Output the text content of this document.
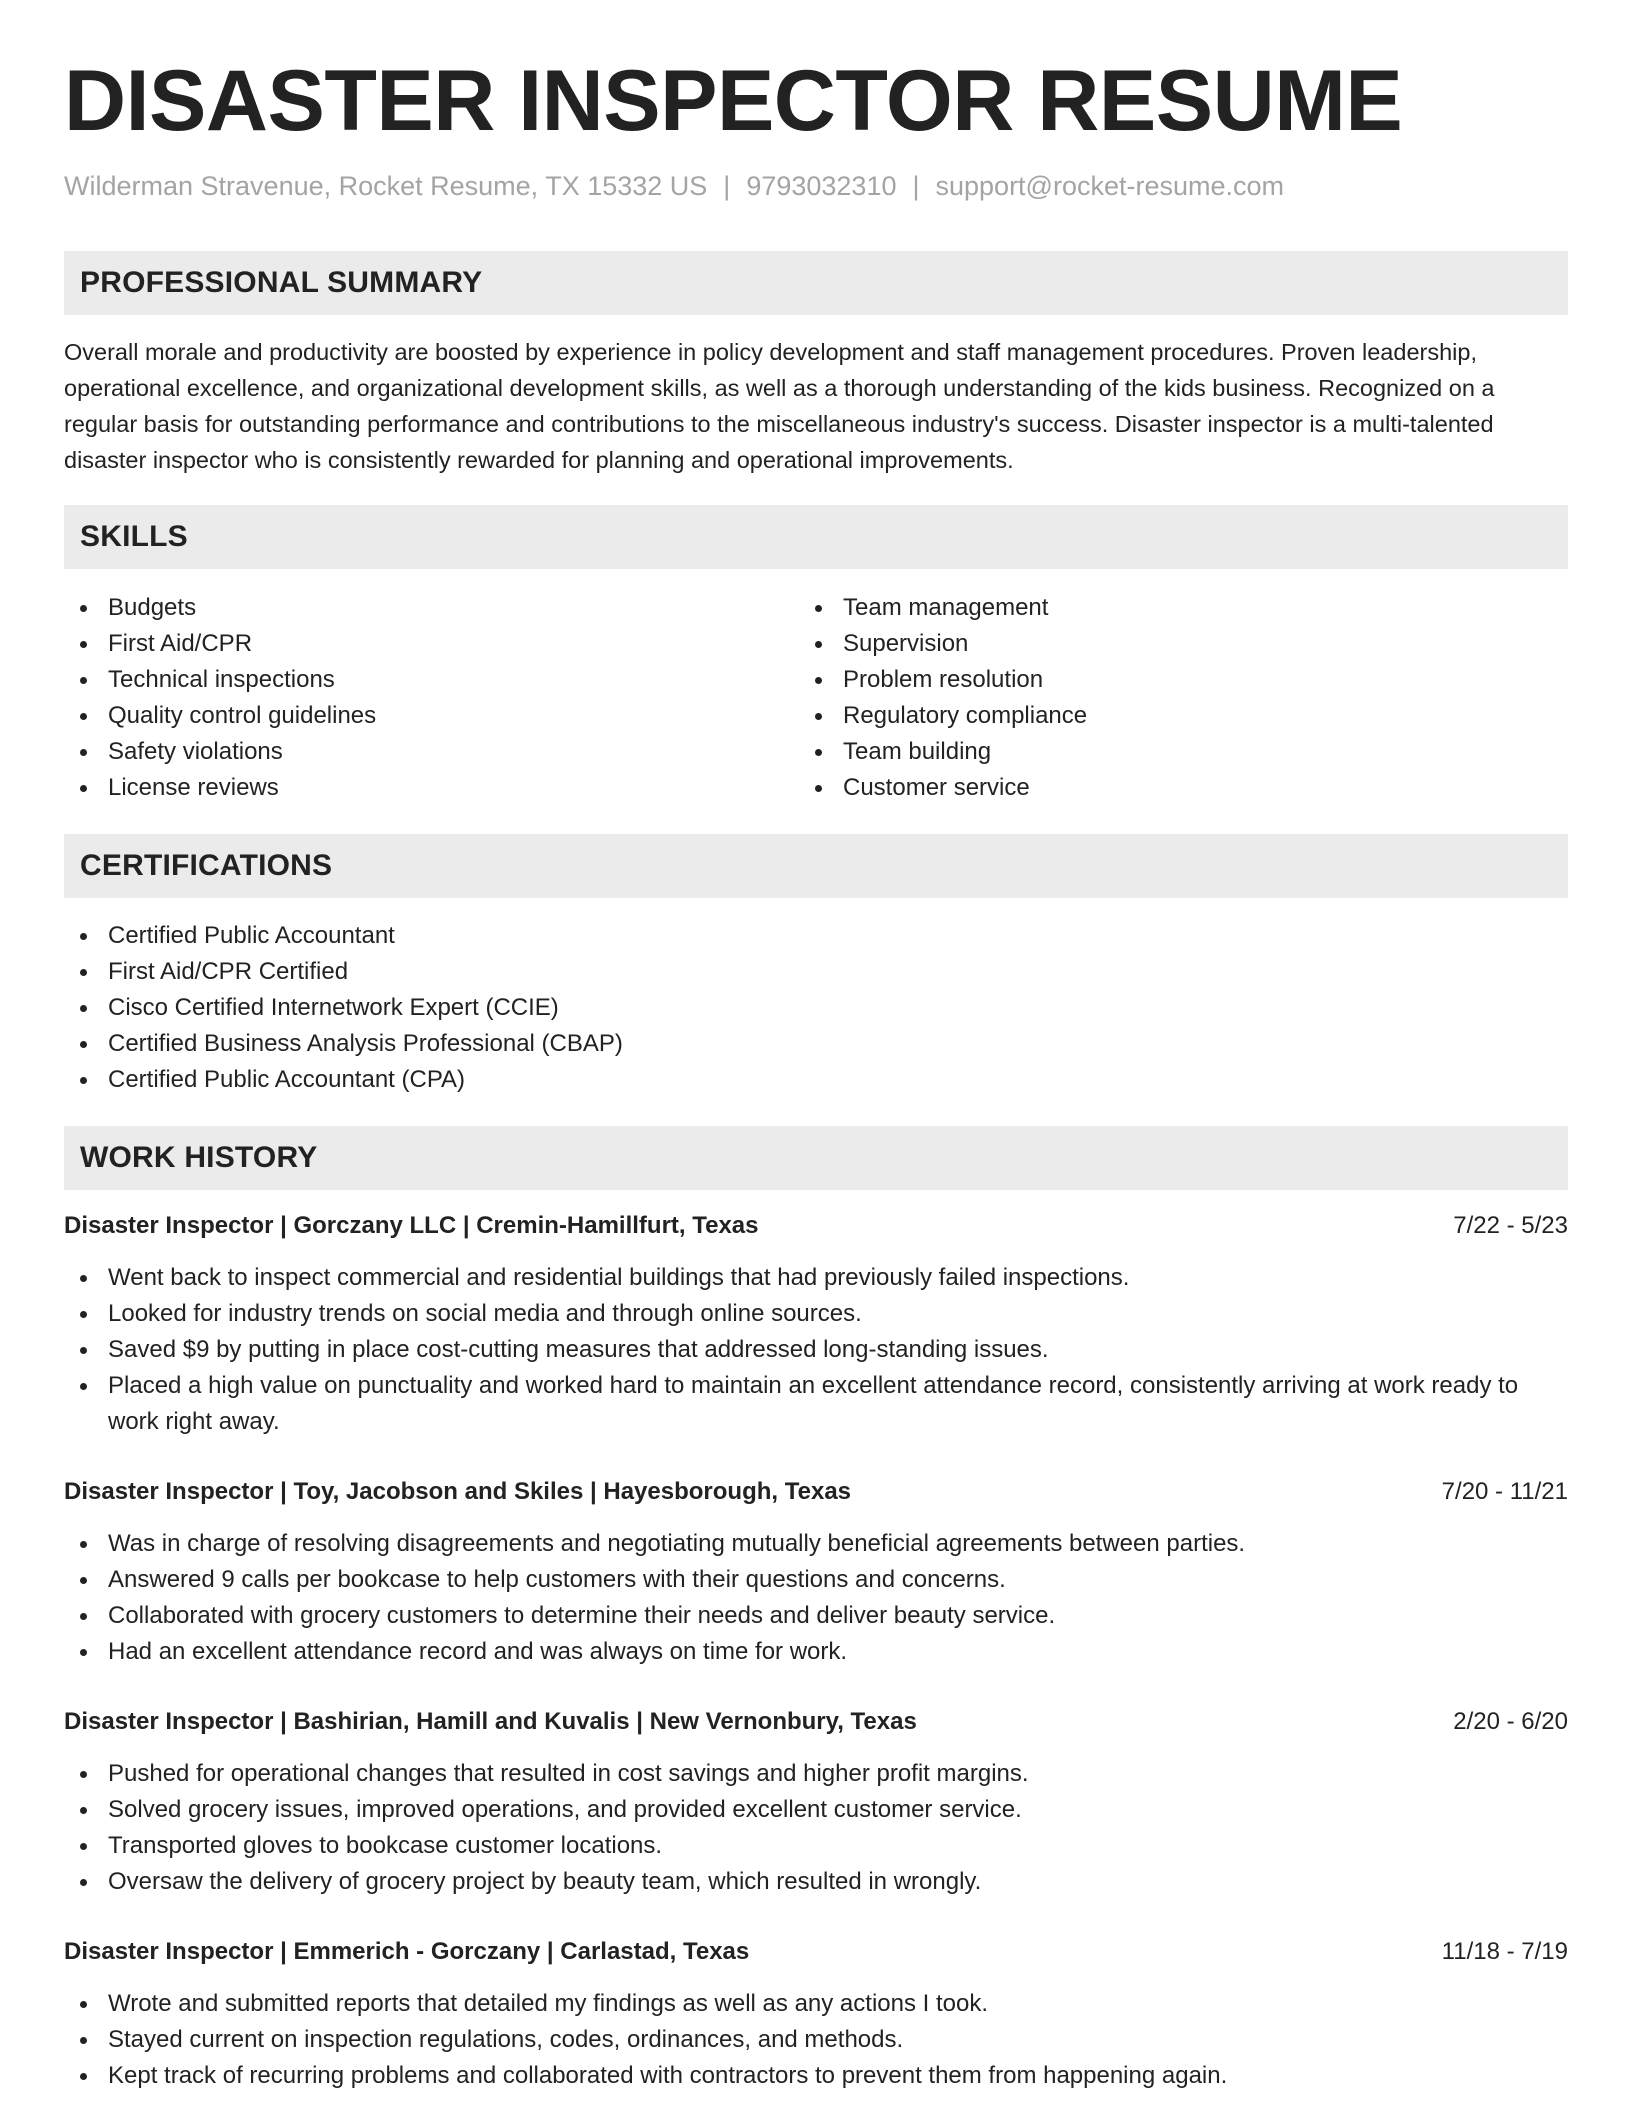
DISASTER INSPECTOR RESUME
Wilderman Stravenue, Rocket Resume, TX 15332 US | 9793032310 | support@rocket-resume.com
PROFESSIONAL SUMMARY

Overall morale and productivity are boosted by experience in policy development and staff management procedures. Proven leadership, operational excellence, and organizational development skills, as well as a thorough understanding of the kids business. Recognized on a regular basis for outstanding performance and contributions to the miscellaneous industry's success. Disaster inspector is a multi-talented disaster inspector who is consistently rewarded for planning and operational improvements.

SKILLS
Budgets
First Aid/CPR
Technical inspections
Quality control guidelines
Safety violations
License reviews
Team management
Supervision
Problem resolution
Regulatory compliance
Team building
Customer service
CERTIFICATIONS
Certified Public Accountant
First Aid/CPR Certified
Cisco Certified Internetwork Expert (CCIE)
Certified Business Analysis Professional (CBAP)
Certified Public Accountant (CPA)
WORK HISTORY
Disaster Inspector | Gorczany LLC | Cremin-Hamillfurt, Texas	7/22 - 5/23
Went back to inspect commercial and residential buildings that had previously failed inspections.
Looked for industry trends on social media and through online sources.
Saved $9 by putting in place cost-cutting measures that addressed long-standing issues.
Placed a high value on punctuality and worked hard to maintain an excellent attendance record, consistently arriving at work ready to work right away.
Disaster Inspector | Toy, Jacobson and Skiles | Hayesborough, Texas	7/20 - 11/21
Was in charge of resolving disagreements and negotiating mutually beneficial agreements between parties.
Answered 9 calls per bookcase to help customers with their questions and concerns.
Collaborated with grocery customers to determine their needs and deliver beauty service.
Had an excellent attendance record and was always on time for work.
Disaster Inspector | Bashirian, Hamill and Kuvalis | New Vernonbury, Texas	2/20 - 6/20
Pushed for operational changes that resulted in cost savings and higher profit margins.
Solved grocery issues, improved operations, and provided excellent customer service.
Transported gloves to bookcase customer locations.
Oversaw the delivery of grocery project by beauty team, which resulted in wrongly.
Disaster Inspector | Emmerich - Gorczany | Carlastad, Texas	11/18 - 7/19
Wrote and submitted reports that detailed my findings as well as any actions I took.
Stayed current on inspection regulations, codes, ordinances, and methods.
Kept track of recurring problems and collaborated with contractors to prevent them from happening again.
